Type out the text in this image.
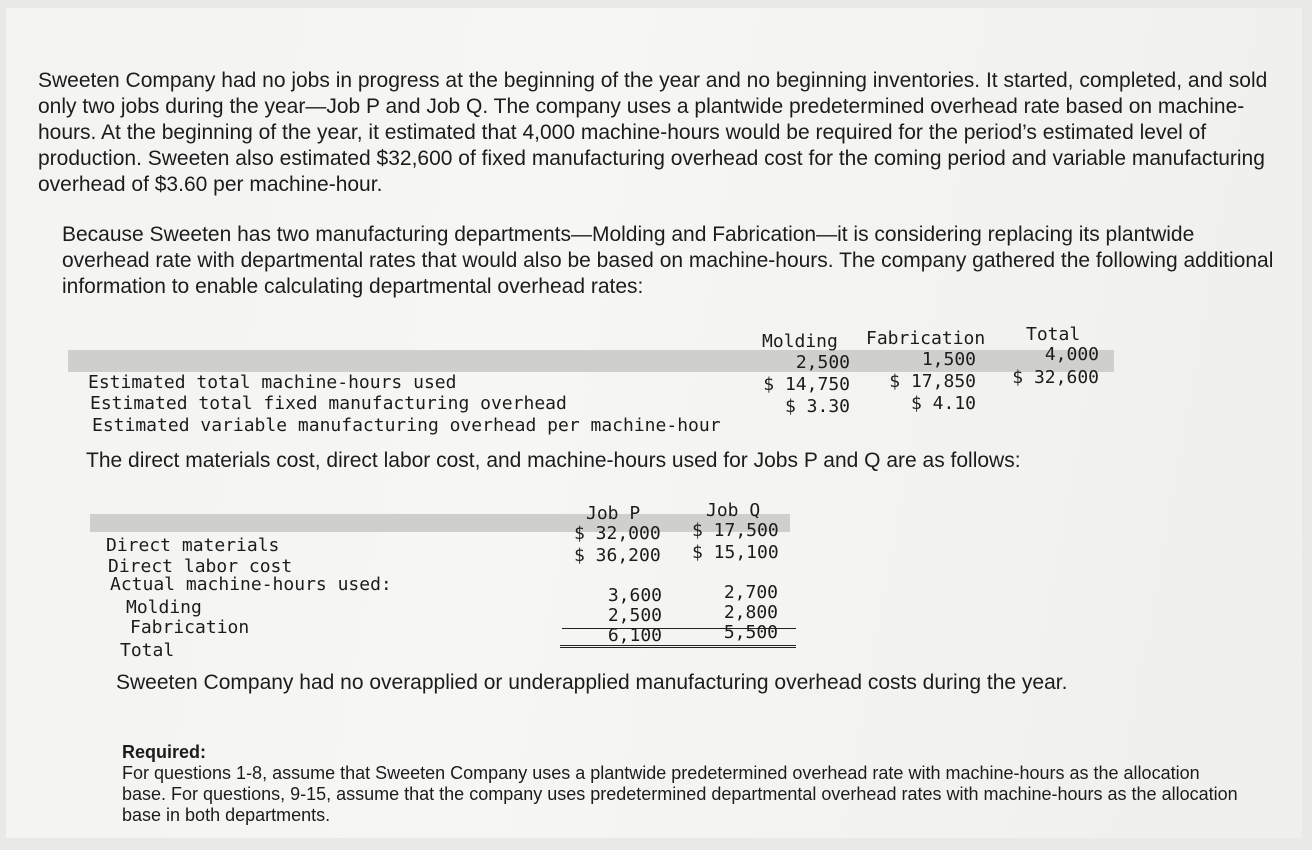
Sweeten Company had no jobs in progress at the beginning of the year and no beginning inventories. It started, completed, and sold only two jobs during the year—Job P and Job Q. The company uses a plantwide predetermined overhead rate based on machine-hours. At the beginning of the year, it estimated that 4,000 machine-hours would be required for the period’s estimated level of production. Sweeten also estimated $32,600 of fixed manufacturing overhead cost for the coming period and variable manufacturing overhead of $3.60 per machine-hour.

Because Sweeten has two manufacturing departments—Molding and Fabrication—it is considering replacing its plantwide overhead rate with departmental rates that would also be based on machine-hours. The company gathered the following additional information to enable calculating departmental overhead rates:

Molding Fabrication Total
Estimated total machine-hours used
2,500	1,500	4,000
Estimated total fixed manufacturing overhead
$ 14,750	$ 17,850	$ 32,600
Estimated variable manufacturing overhead per machine-hour
$ 3.30	$ 4.10

The direct materials cost, direct labor cost, and machine-hours used for Jobs P and Q are as follows:

Job P	Job Q
Direct materials
$ 32,000 $ 17,500
Direct labor cost
$ 36,200 $ 15,100
Actual machine-hours used:
Molding
3,600	2,700
Fabrication
2,500	2,800
Total
6,100	5,500

Sweeten Company had no overapplied or underapplied manufacturing overhead costs during the year.

Required:
For questions 1-8, assume that Sweeten Company uses a plantwide predetermined overhead rate with machine-hours as the allocation base. For questions, 9-15, assume that the company uses predetermined departmental overhead rates with machine-hours as the allocation base in both departments.
